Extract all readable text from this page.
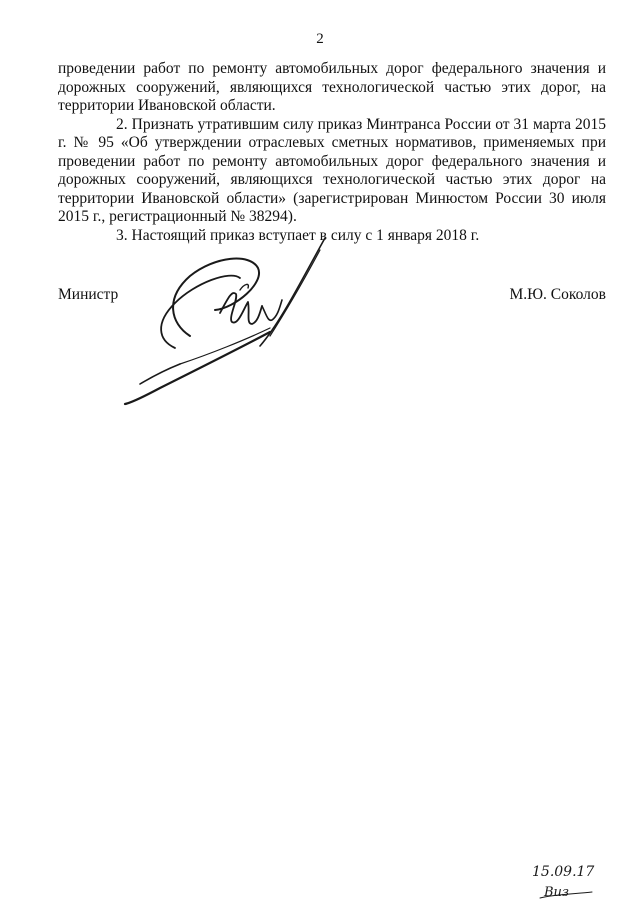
2

проведении работ по ремонту автомобильных дорог федерального значения и дорожных сооружений, являющихся технологической частью этих дорог, на территории Ивановской области.

2. Признать утратившим силу приказ Минтранса России от 31 марта 2015 г. № 95 «Об утверждении отраслевых сметных нормативов, применяемых при проведении работ по ремонту автомобильных дорог федерального значения и дорожных сооружений, являющихся технологической частью этих дорог на территории Ивановской области» (зарегистрирован Минюстом России 30 июля 2015 г., регистрационный № 38294).

3. Настоящий приказ вступает в силу с 1 января 2018 г.

Министр	М.Ю. Соколов
15.09.17
Виз
